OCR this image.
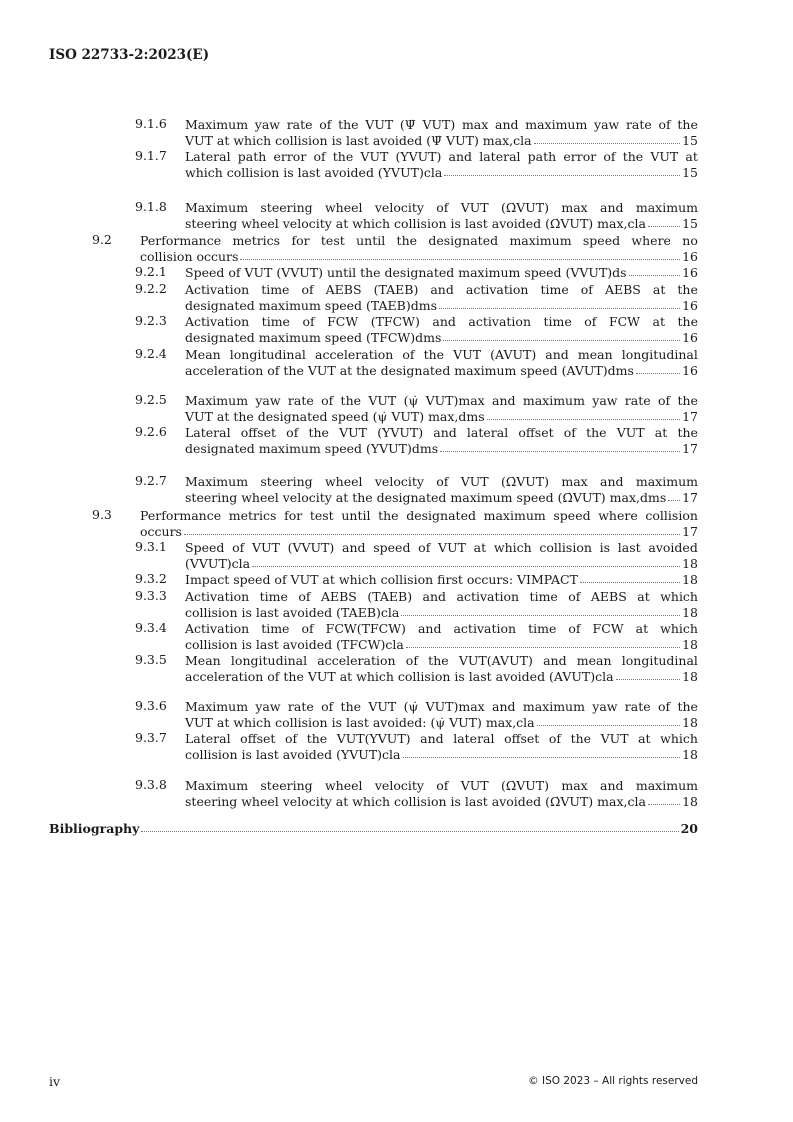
ISO 22733-2:2023(E)
9.1.6 Maximum yaw rate of the VUT (Ψ̇ VUT) max and maximum yaw rate of the
VUT at which collision is last avoided (Ψ̇ VUT) max,cla	15
9.1.7 Lateral path error of the VUT (YVUT) and lateral path error of the VUT at
which collision is last avoided (YVUT)cla	15
9.1.8 Maximum steering wheel velocity of VUT (Ω̇VUT) max and maximum
steering wheel velocity at which collision is last avoided (Ω̇VUT) max,cla	15
9.2 Performance metrics for test until the designated maximum speed where no
collision occurs	16
9.2.1 Speed of VUT (VVUT) until the designated maximum speed (VVUT)ds	16
9.2.2 Activation time of AEBS (TAEB) and activation time of AEBS at the
designated maximum speed (TAEB)dms	16
9.2.3 Activation time of FCW (TFCW) and activation time of FCW at the
designated maximum speed (TFCW)dms	16
9.2.4 Mean longitudinal acceleration of the VUT (AVUT) and mean longitudinal
acceleration of the VUT at the designated maximum speed (AVUT)dms	16
9.2.5 Maximum yaw rate of the VUT (ψ̇ VUT)max and maximum yaw rate of the
VUT at the designated speed (ψ̇ VUT) max,dms	17
9.2.6 Lateral offset of the VUT (YVUT) and lateral offset of the VUT at the
designated maximum speed (YVUT)dms	17
9.2.7 Maximum steering wheel velocity of VUT (Ω̇VUT) max and maximum
steering wheel velocity at the designated maximum speed (Ω̇VUT) max,dms 17
9.3 Performance metrics for test until the designated maximum speed where collision
occurs	17
9.3.1 Speed of VUT (VVUT) and speed of VUT at which collision is last avoided
(VVUT)cla	18
9.3.2 Impact speed of VUT at which collision first occurs: VIMPACT	18
9.3.3 Activation time of AEBS (TAEB) and activation time of AEBS at which
collision is last avoided (TAEB)cla	18
9.3.4 Activation time of FCW(TFCW) and activation time of FCW at which
collision is last avoided (TFCW)cla	18
9.3.5 Mean longitudinal acceleration of the VUT(AVUT) and mean longitudinal
acceleration of the VUT at which collision is last avoided (AVUT)cla	18
9.3.6 Maximum yaw rate of the VUT (ψ̇ VUT)max and maximum yaw rate of the
VUT at which collision is last avoided: (ψ̇ VUT) max,cla	18
9.3.7 Lateral offset of the VUT(YVUT) and lateral offset of the VUT at which
collision is last avoided (YVUT)cla	18
9.3.8 Maximum steering wheel velocity of VUT (Ω̇VUT) max and maximum
steering wheel velocity at which collision is last avoided (Ω̇VUT) max,cla	18
Bibliography	20
iv	© ISO 2023 – All rights reserved
